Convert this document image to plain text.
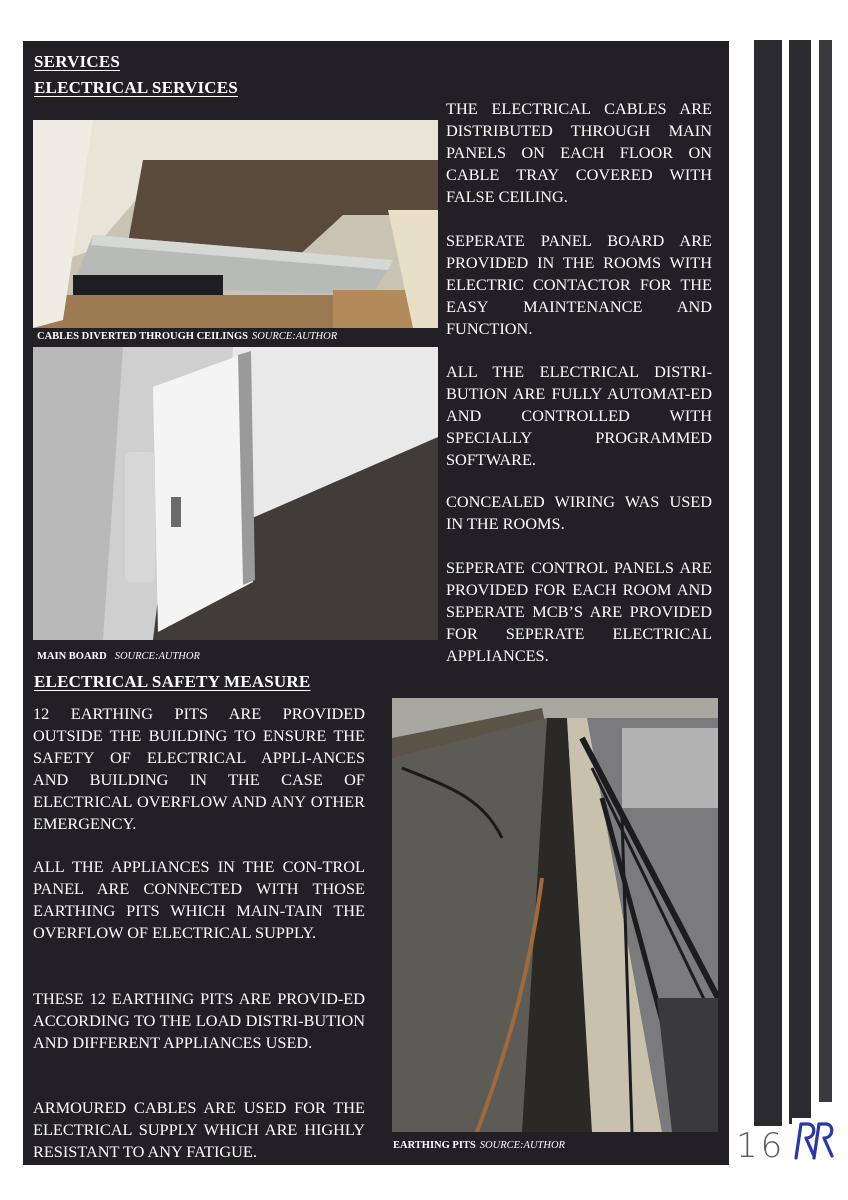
SERVICES
ELECTRICAL SERVICES
CABLES DIVERTED THROUGH CEILINGS SOURCE:AUTHOR
MAIN BOARD SOURCE:AUTHOR

THE ELECTRICAL CABLES ARE DISTRIBUTED THROUGH MAIN PANELS ON EACH FLOOR ON CABLE TRAY COVERED WITH FALSE CEILING.

SEPERATE PANEL BOARD ARE PROVIDED IN THE ROOMS WITH ELECTRIC CONTACTOR FOR THE EASY MAINTENANCE AND FUNCTION.

ALL THE ELECTRICAL DISTRI-BUTION ARE FULLY AUTOMAT-ED AND CONTROLLED WITH SPECIALLY PROGRAMMED SOFTWARE.

CONCEALED WIRING WAS USED IN THE ROOMS.

SEPERATE CONTROL PANELS ARE PROVIDED FOR EACH ROOM AND SEPERATE MCB’S ARE PROVIDED FOR SEPERATE ELECTRICAL APPLIANCES.

ELECTRICAL SAFETY MEASURE

12 EARTHING PITS ARE PROVIDED OUTSIDE THE BUILDING TO ENSURE THE SAFETY OF ELECTRICAL APPLI-ANCES AND BUILDING IN THE CASE OF ELECTRICAL OVERFLOW AND ANY OTHER EMERGENCY.

ALL THE APPLIANCES IN THE CON-TROL PANEL ARE CONNECTED WITH THOSE EARTHING PITS WHICH MAIN-TAIN THE OVERFLOW OF ELECTRICAL SUPPLY.

THESE 12 EARTHING PITS ARE PROVID-ED ACCORDING TO THE LOAD DISTRI-BUTION AND DIFFERENT APPLIANCES USED.

ARMOURED CABLES ARE USED FOR THE ELECTRICAL SUPPLY WHICH ARE HIGHLY RESISTANT TO ANY FATIGUE.	EARTHING PITS SOURCE:AUTHOR	16
